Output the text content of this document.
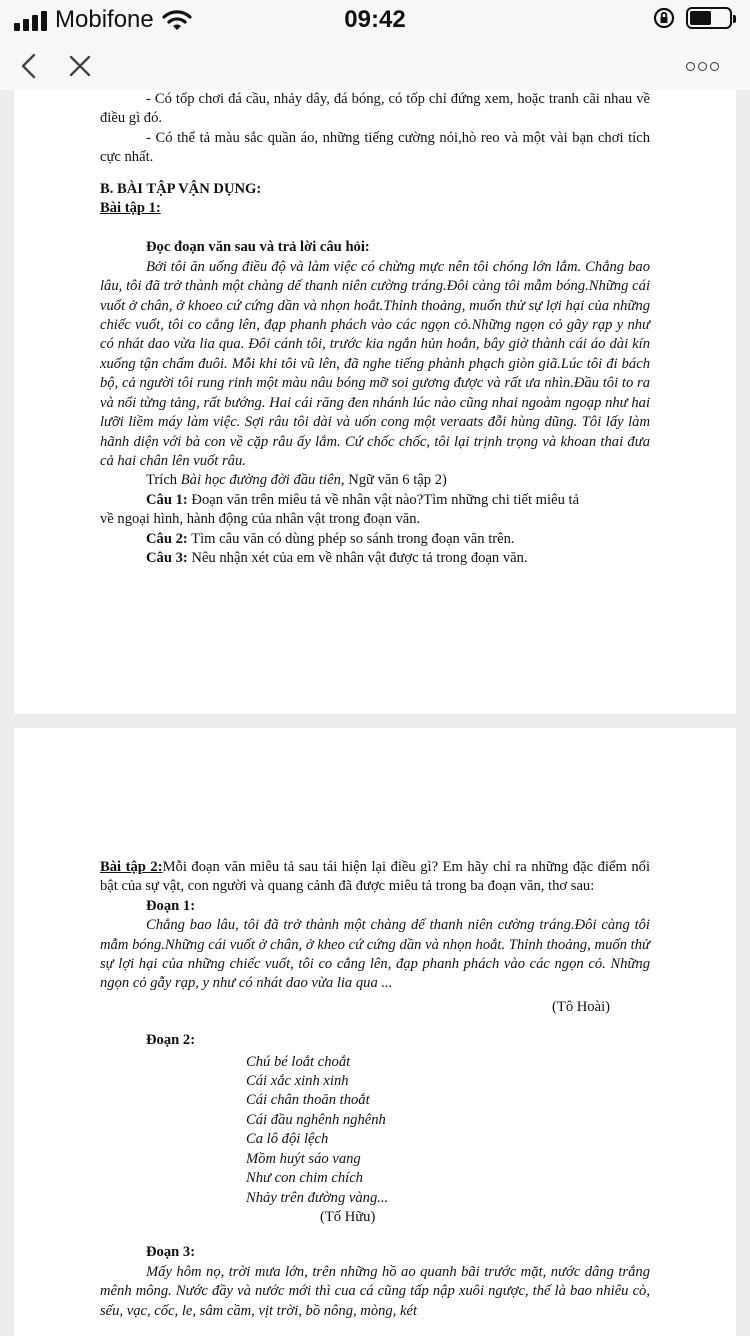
Mobifone	09:42

- Có tốp chơi đá cầu, nhảy dây, đá bóng, có tốp chỉ đứng xem, hoặc tranh cãi nhau về điều gì đó.

- Có thể tả màu sắc quần áo, những tiếng cường nói,hò reo và một vài bạn chơi tích cực nhất.

B. BÀI TẬP VẬN DỤNG:

Bài tập 1:

Đọc đoạn văn sau và trả lời câu hỏi:

Bởi tôi ăn uống điều độ và làm việc có chừng mực nên tôi chóng lớn lắm. Chẳng bao lâu, tôi đã trở thành một chàng dế thanh niên cường tráng.Đôi càng tôi mẫm bóng.Những cái vuốt ở chân, ở khoeo cứ cứng dần và nhọn hoắt.Thỉnh thoảng, muốn thử sự lợi hại của những chiếc vuốt, tôi co cẳng lên, đạp phanh phách vào các ngọn cỏ.Những ngọn cỏ gãy rạp y như có nhát dao vừa lia qua. Đôi cánh tôi, trước kia ngắn hủn hoẳn, bây giờ thành cái áo dài kín xuống tận chấm đuôi. Mỗi khi tôi vũ lên, đã nghe tiếng phành phạch giòn giã.Lúc tôi đi bách bộ, cả người tôi rung rinh một màu nâu bóng mỡ soi gương được và rất ưa nhìn.Đầu tôi to ra và nổi từng tảng, rất bướng. Hai cái răng đen nhánh lúc nào cũng nhai ngoàm ngoạp như hai lưỡi liềm máy làm việc. Sợi râu tôi dài và uốn cong một veraats đỗi hùng dũng. Tôi lấy làm hãnh diện với bà con về cặp râu ấy lắm. Cứ chốc chốc, tôi lại trịnh trọng và khoan thai đưa cả hai chân lên vuốt râu.

Trích Bài học đường đời đầu tiên, Ngữ văn 6 tập 2)

Câu 1: Đoạn văn trên miêu tả về nhân vật nào?Tìm những chi tiết miêu tả

về ngoại hình, hành động của nhân vật trong đoạn văn.

Câu 2: Tìm câu văn có dùng phép so sánh trong đoạn văn trên.

Câu 3: Nêu nhận xét của em về nhân vật được tả trong đoạn văn.

Bài tập 2:Mỗi đoạn văn miêu tả sau tái hiện lại điều gì? Em hãy chỉ ra những đặc điểm nổi bật của sự vật, con người và quang cảnh đã được miêu tả trong ba đoạn văn, thơ sau:

Đoạn 1:

Chẳng bao lâu, tôi đã trở thành một chàng dế thanh niên cường tráng.Đôi càng tôi mẫm bóng.Những cái vuốt ở chân, ở kheo cứ cứng dần và nhọn hoắt. Thỉnh thoảng, muốn thử sự lợi hại của những chiếc vuốt, tôi co cẳng lên, đạp phanh phách vào các ngọn cỏ. Những ngọn cỏ gẫy rạp, y như có nhát dao vừa lia qua ...

(Tô Hoài)

Đoạn 2:

Chú bé loắt choắt

Cái xắc xinh xinh

Cái chân thoăn thoắt

Cái đầu nghênh nghênh

Ca lô đội lệch

Mồm huýt sáo vang

Như con chim chích

Nhảy trên đường vàng...

(Tố Hữu)

Đoạn 3:

Mấy hôm nọ, trời mưa lớn, trên những hồ ao quanh bãi trước mặt, nước dâng trắng mênh mông. Nước đầy và nước mới thì cua cá cũng tấp nập xuôi ngược, thế là bao nhiêu cò, sếu, vạc, cốc, le, sâm cầm, vịt trời, bồ nông, mòng, két
